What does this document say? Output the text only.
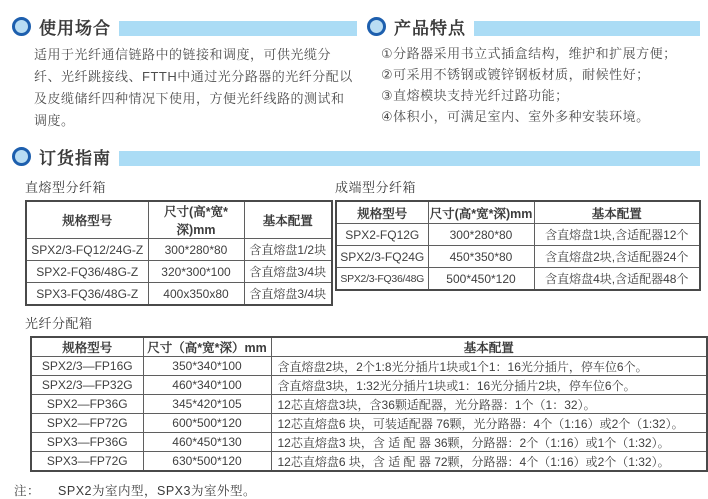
使用场合

适用于光纤通信链路中的链接和调度，可供光缆分纤、光纤跳接线、FTTH中通过光分路器的光纤分配以及皮缆储纤四种情况下使用，方便光纤线路的测试和调度。

产品特点
①分路器采用书立式插盒结构，维护和扩展方便；
②可采用不锈钢或镀锌钢板材质，耐候性好；
③直熔模块支持光纤过路功能；
④体积小，可满足室内、室外多种安装环境。
订货指南
直熔型分纤箱
规格型号	尺寸(高*宽*深)mm	基本配置
SPX2/3-FQ12/24G-Z	300*280*80	含直熔盘1/2块
SPX2-FQ36/48G-Z	320*300*100	含直熔盘3/4块
SPX3-FQ36/48G-Z	400x350x80	含直熔盘3/4块
成端型分纤箱
规格型号	尺寸(高*宽*深)mm	基本配置
SPX2-FQ12G	300*280*80	含直熔盘1块,含适配器12个
SPX2/3-FQ24G	450*350*80	含直熔盘2块,含适配器24个
SPX2/3-FQ36/48G	500*450*120	含直熔盘4块,含适配器48个
光纤分配箱
规格型号	尺寸（高*宽*深）mm	基本配置
SPX2/3—FP16G	350*340*100	含直熔盘2块，2个1:8光分插片1块或1个1：16光分插片，停车位6个。
SPX2/3—FP32G	460*340*100	含直熔盘3块，1:32光分插片1块或1：16光分插片2块，停车位6个。
SPX2—FP36G	345*420*105	12芯直熔盘3块，含36颗适配器，光分路器：1个（1：32）。
SPX2—FP72G	600*500*120	12芯直熔盘6 块，可装适配器 76颗，光分路器：4个（1:16）或2个（1:32）。
SPX3—FP36G	460*450*130	12芯直熔盘3 块，含 适 配 器 36颗，分路器：2个（1:16）或1个（1:32）。
SPX3—FP72G	630*500*120	12芯直熔盘6 块，含 适 配 器 72颗，分路器：4个（1:16）或2个（1:32）。
注： SPX2为室内型，SPX3为室外型。
